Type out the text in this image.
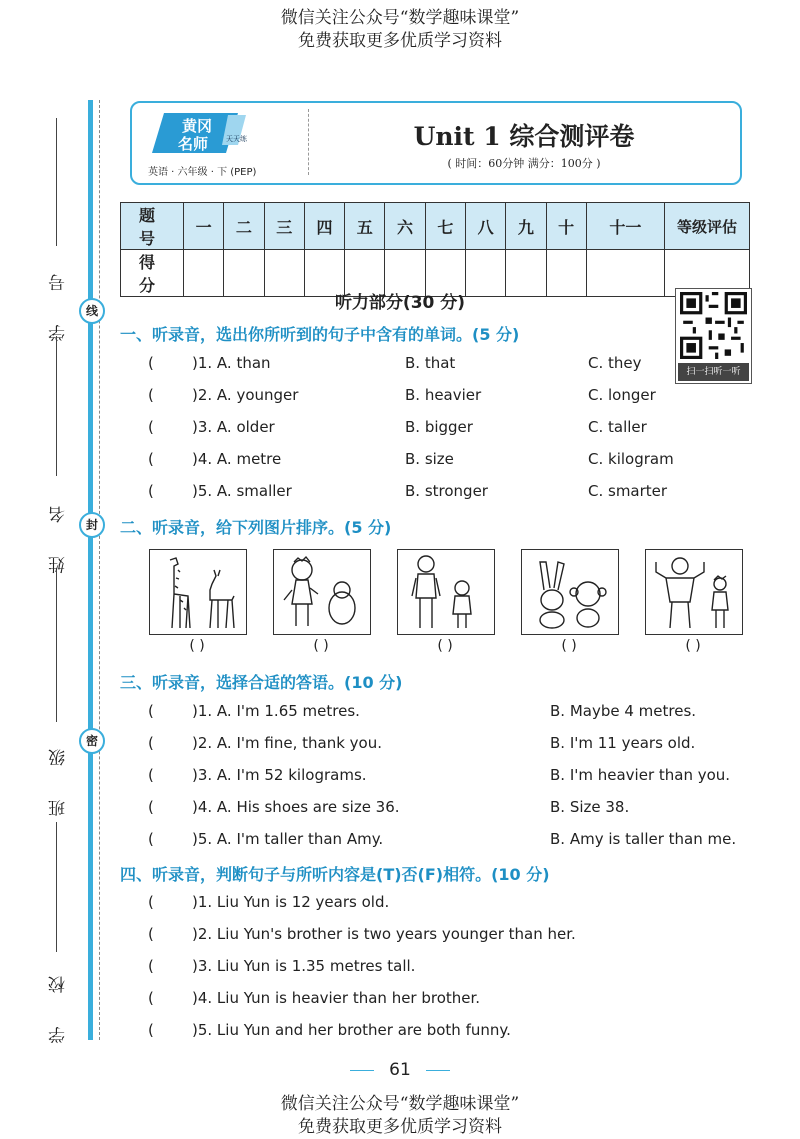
微信关注公众号“数学趣味课堂”
免费获取更多优质学习资料
线
封
密
学 号
姓 名
班 级
学 校
黄冈
名师	天天练
英语 · 六年级 · 下 (PEP)
Unit 1 综合测评卷
( 时间：60分钟 满分：100分 )
题 号	一	二	三	四	五	六	七	八	九	十	十一	等级评估
得 分												
听力部分(30 分)
扫一扫听一听
一、听录音，选出你所听到的句子中含有的单词。(5 分)
(	)1. A. than	B. that	C. they
(	)2. A. younger	B. heavier	C. longer
(	)3. A. older	B. bigger	C. taller
(	)4. A. metre	B. size	C. kilogram
(	)5. A. smaller	B. stronger	C. smarter
二、听录音，给下列图片排序。(5 分)
( )	( )	( )	( )	( )
三、听录音，选择合适的答语。(10 分)
(	)1. A. I'm 1.65 metres.	B. Maybe 4 metres.
(	)2. A. I'm fine, thank you.	B. I'm 11 years old.
(	)3. A. I'm 52 kilograms.	B. I'm heavier than you.
(	)4. A. His shoes are size 36.	B. Size 38.
(	)5. A. I'm taller than Amy.	B. Amy is taller than me.
四、听录音，判断句子与所听内容是(T)否(F)相符。(10 分)
(	)1. Liu Yun is 12 years old.
(	)2. Liu Yun's brother is two years younger than her.
(	)3. Liu Yun is 1.35 metres tall.
(	)4. Liu Yun is heavier than her brother.
(	)5. Liu Yun and her brother are both funny.
61
微信关注公众号“数学趣味课堂”
免费获取更多优质学习资料
